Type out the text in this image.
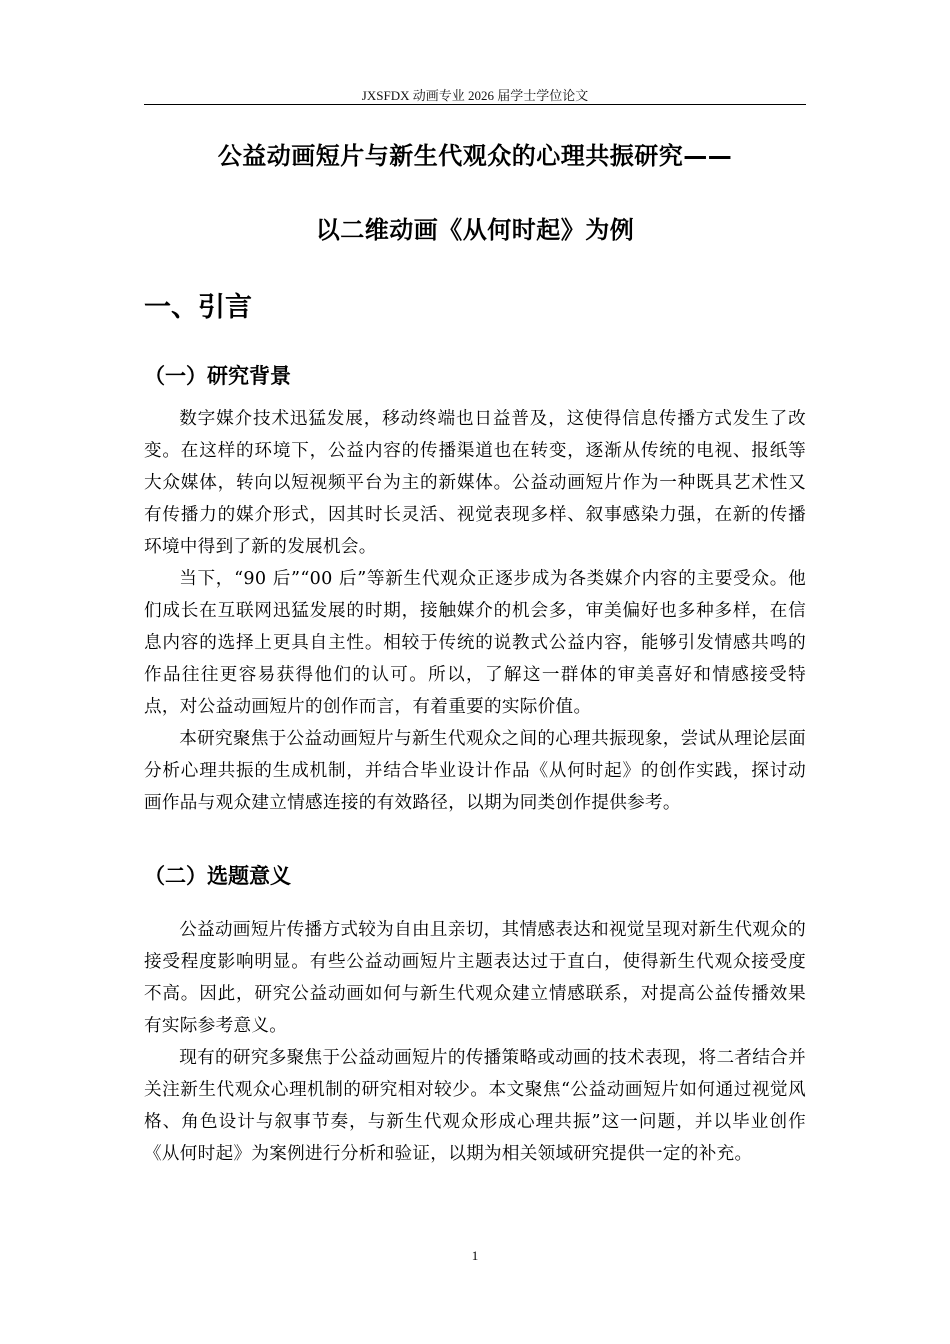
JXSFDX 动画专业 2026 届学士学位论文
公益动画短片与新生代观众的心理共振研究——
以二维动画《从何时起》为例
一、引言
（一）研究背景

数字媒介技术迅猛发展，移动终端也日益普及，这使得信息传播方式发生了改变。在这样的环境下，公益内容的传播渠道也在转变，逐渐从传统的电视、报纸等大众媒体，转向以短视频平台为主的新媒体。公益动画短片作为一种既具艺术性又有传播力的媒介形式，因其时长灵活、视觉表现多样、叙事感染力强，在新的传播环境中得到了新的发展机会。

当下，“90 后”“00 后”等新生代观众正逐步成为各类媒介内容的主要受众。他们成长在互联网迅猛发展的时期，接触媒介的机会多，审美偏好也多种多样，在信息内容的选择上更具自主性。相较于传统的说教式公益内容，能够引发情感共鸣的作品往往更容易获得他们的认可。所以，了解这一群体的审美喜好和情感接受特点，对公益动画短片的创作而言，有着重要的实际价值。

本研究聚焦于公益动画短片与新生代观众之间的心理共振现象，尝试从理论层面分析心理共振的生成机制，并结合毕业设计作品《从何时起》的创作实践，探讨动画作品与观众建立情感连接的有效路径，以期为同类创作提供参考。

（二）选题意义

公益动画短片传播方式较为自由且亲切，其情感表达和视觉呈现对新生代观众的接受程度影响明显。有些公益动画短片主题表达过于直白，使得新生代观众接受度不高。因此，研究公益动画如何与新生代观众建立情感联系，对提高公益传播效果有实际参考意义。

现有的研究多聚焦于公益动画短片的传播策略或动画的技术表现，将二者结合并关注新生代观众心理机制的研究相对较少。本文聚焦“公益动画短片如何通过视觉风格、角色设计与叙事节奏，与新生代观众形成心理共振”这一问题，并以毕业创作《从何时起》为案例进行分析和验证，以期为相关领域研究提供一定的补充。

1
